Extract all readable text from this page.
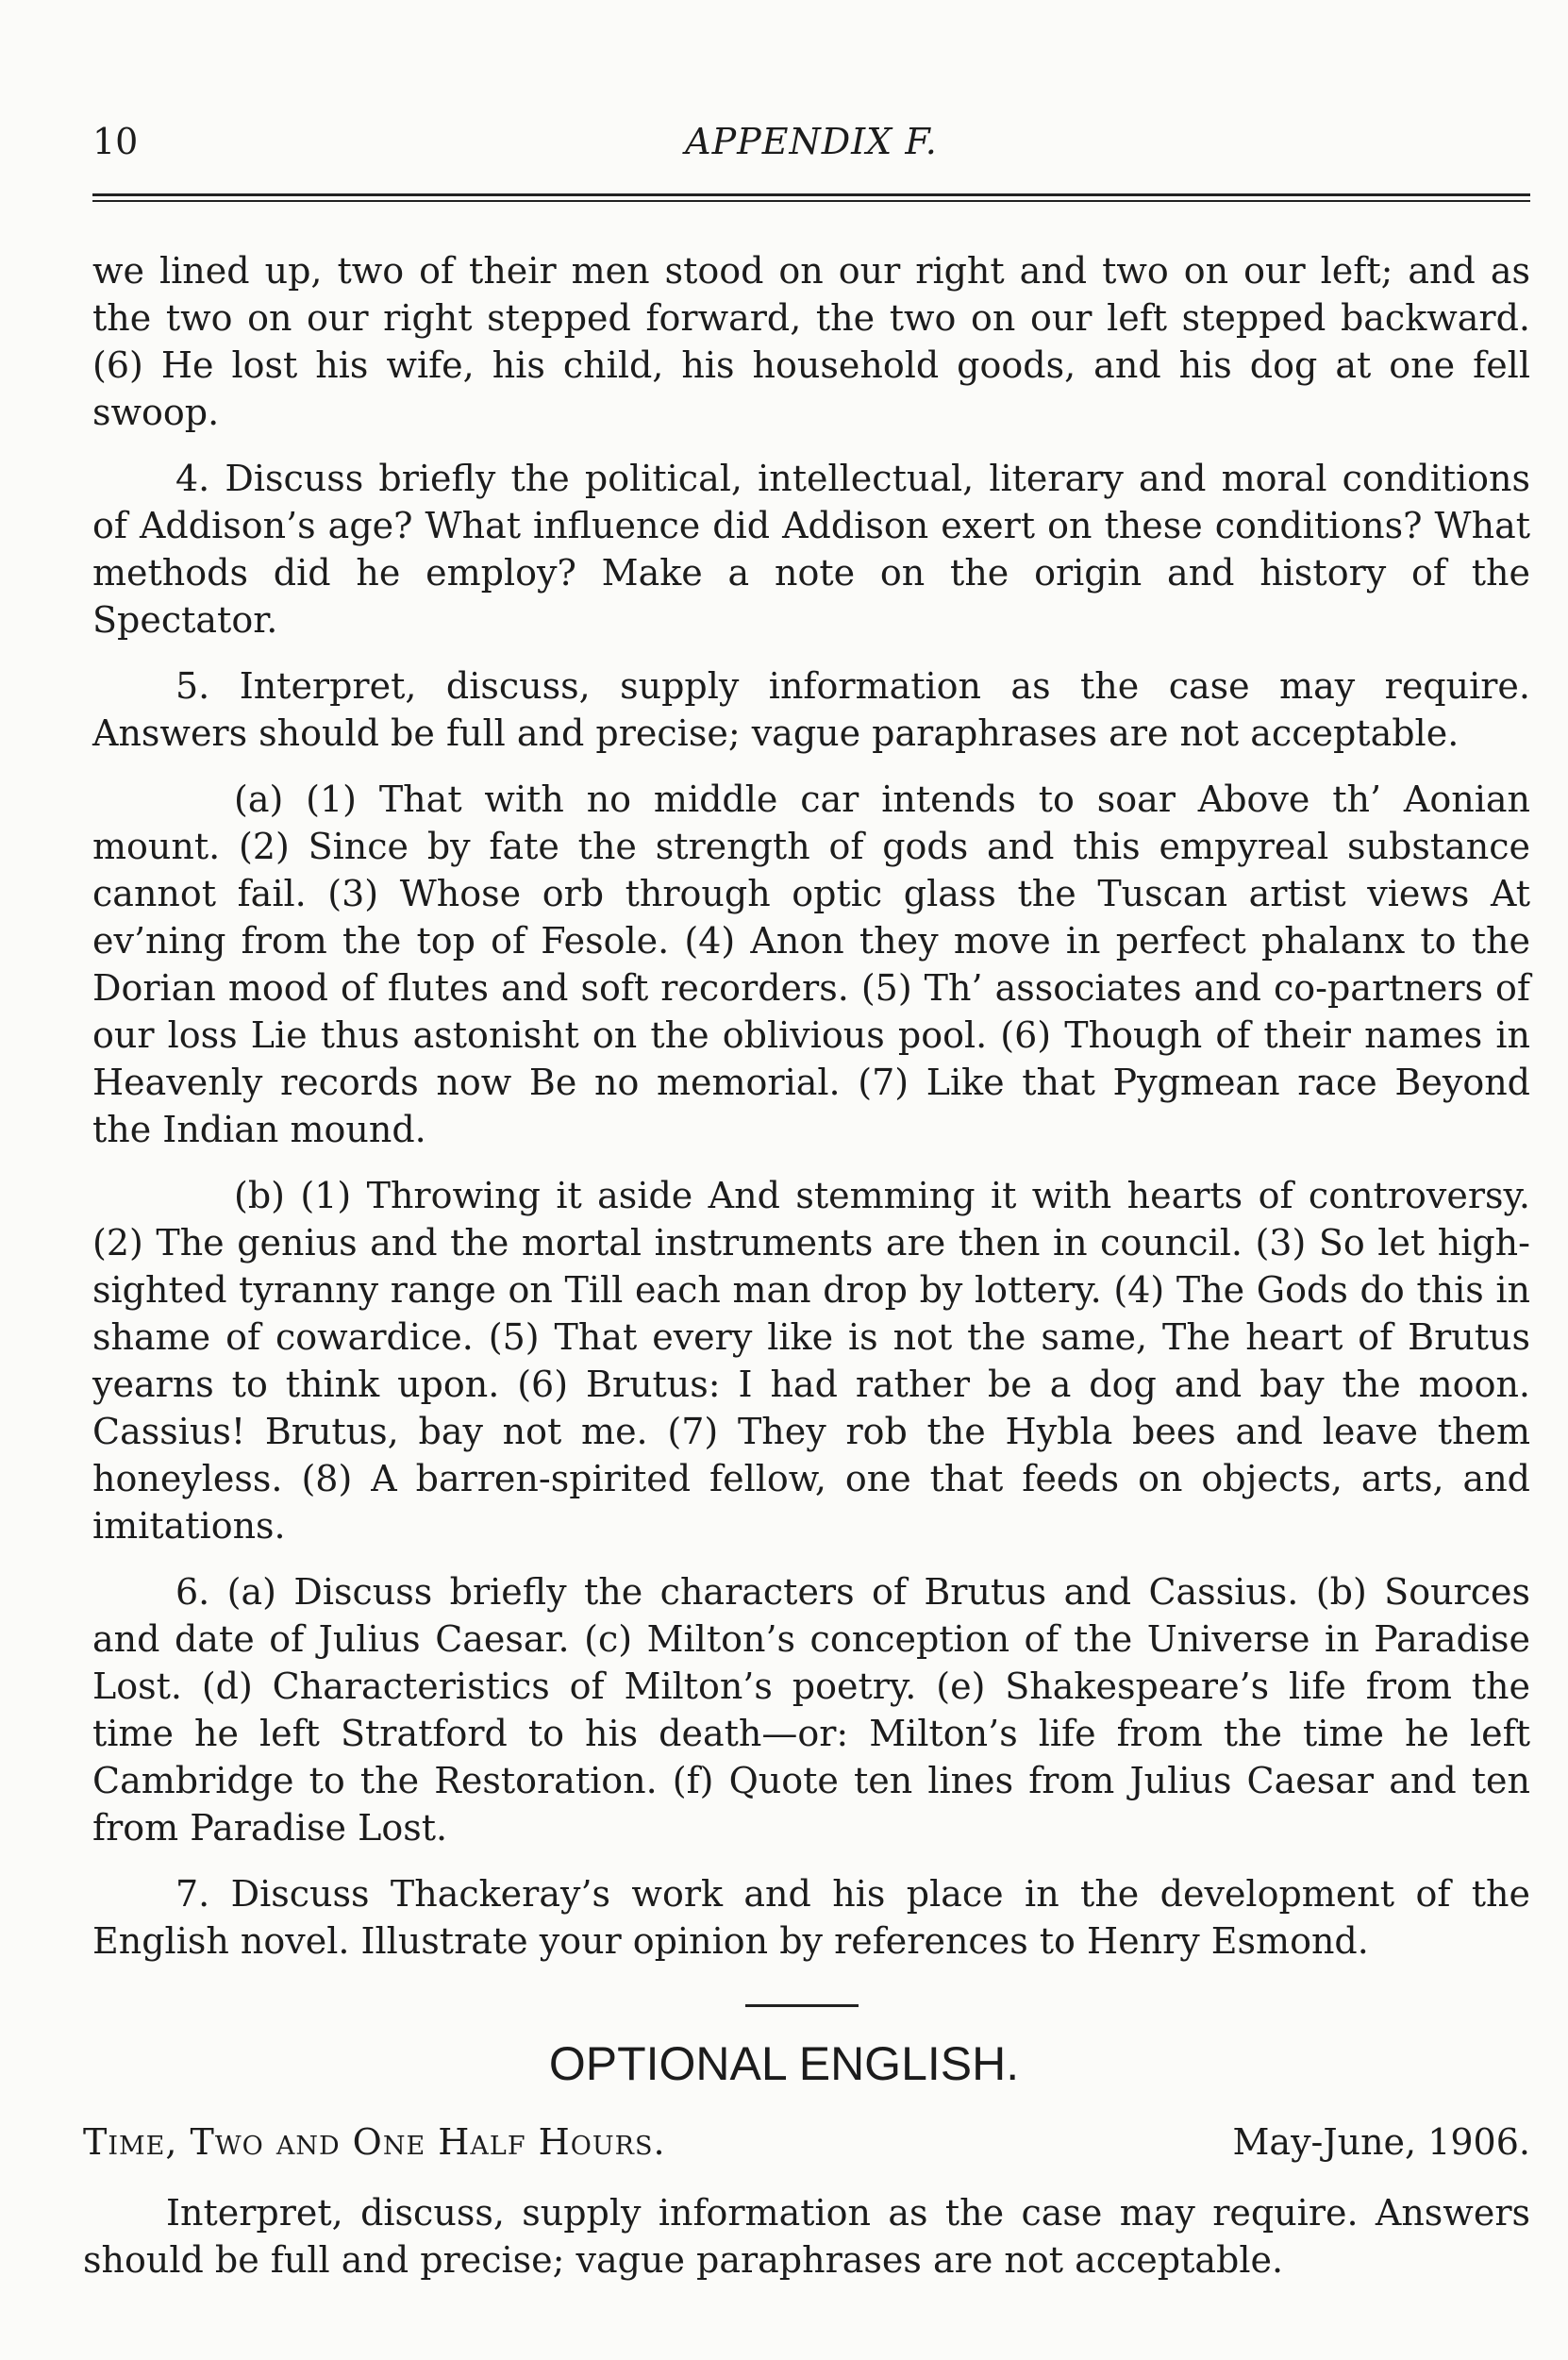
10	APPENDIX F.

we lined up, two of their men stood on our right and two on our left; and as the two on our right stepped forward, the two on our left stepped backward. (6) He lost his wife, his child, his household goods, and his dog at one fell swoop.

4. Discuss briefly the political, intellectual, literary and moral conditions of Addison’s age? What influence did Addison exert on these conditions? What methods did he employ? Make a note on the origin and history of the Spectator.

5. Interpret, discuss, supply information as the case may require. Answers should be full and precise; vague paraphrases are not acceptable.

(a) (1) That with no middle car intends to soar Above th’ Aonian mount. (2) Since by fate the strength of gods and this empyreal substance cannot fail. (3) Whose orb through optic glass the Tuscan artist views At ev’ning from the top of Fesole. (4) Anon they move in perfect phalanx to the Dorian mood of flutes and soft recorders. (5) Th’ associates and co-partners of our loss Lie thus astonisht on the oblivious pool. (6) Though of their names in Heavenly records now Be no memorial. (7) Like that Pygmean race Beyond the Indian mound.

(b) (1) Throwing it aside And stemming it with hearts of controversy. (2) The genius and the mortal instruments are then in council. (3) So let high-sighted tyranny range on Till each man drop by lottery. (4) The Gods do this in shame of cowardice. (5) That every like is not the same, The heart of Brutus yearns to think upon. (6) Brutus: I had rather be a dog and bay the moon. Cassius! Brutus, bay not me. (7) They rob the Hybla bees and leave them honeyless. (8) A barren-spirited fellow, one that feeds on objects, arts, and imitations.

6. (a) Discuss briefly the characters of Brutus and Cassius. (b) Sources and date of Julius Caesar. (c) Milton’s conception of the Universe in Paradise Lost. (d) Characteristics of Milton’s poetry. (e) Shakespeare’s life from the time he left Stratford to his death—or: Milton’s life from the time he left Cambridge to the Restoration. (f) Quote ten lines from Julius Caesar and ten from Paradise Lost.

7. Discuss Thackeray’s work and his place in the development of the English novel. Illustrate your opinion by references to Henry Esmond.

OPTIONAL ENGLISH.
Time, Two and One Half Hours.	May-June, 1906.

Interpret, discuss, supply information as the case may require. Answers should be full and precise; vague paraphrases are not acceptable.
